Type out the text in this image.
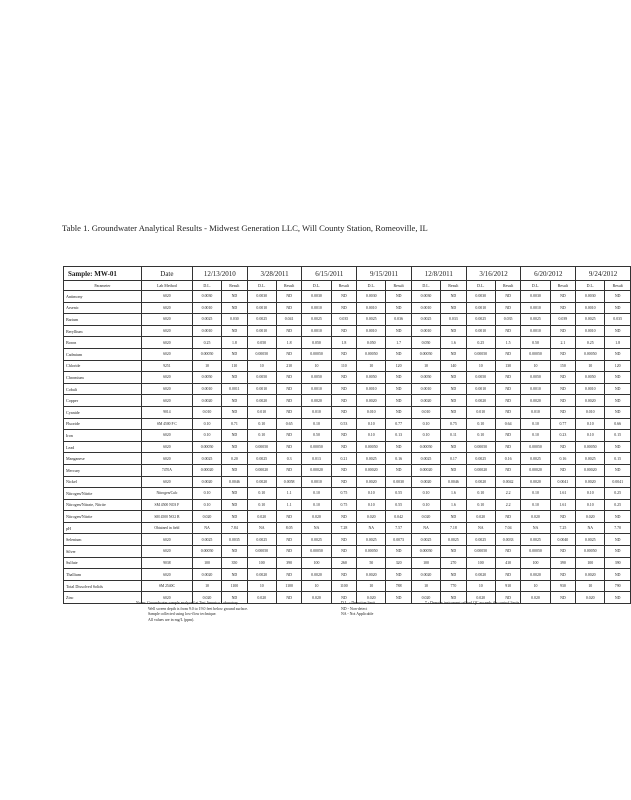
Table 1. Groundwater Analytical Results - Midwest Generation LLC, Will County Station, Romeoville, IL
Sample: MW-01	Date	12/13/2010		3/28/2011		6/15/2011		9/15/2011		12/8/2011		3/16/2012		6/20/2012		9/24/2012	
Parameter	Lab Method	D.L.	Result	D.L.	Result	D.L.	Result	D.L.	Result	D.L.	Result	D.L.	Result	D.L.	Result	D.L.	Result
Antimony	6020	0.0030	ND	0.0030	ND	0.0030	ND	0.0030	ND	0.0030	ND	0.0030	ND	0.0030	ND	0.0030	ND
Arsenic	6020	0.0010	ND	0.0010	ND	0.0010	ND	0.0010	ND	0.0010	ND	0.0010	ND	0.0010	ND	0.0010	ND
Barium	6020	0.0025	0.030	0.0025	0.041	0.0025	0.035	0.0025	0.036	0.0025	0.033	0.0025	0.035	0.0025	0.039	0.0025	0.035
Beryllium	6020	0.0010	ND	0.0010	ND	0.0010	ND	0.0010	ND	0.0010	ND	0.0010	ND	0.0010	ND	0.0010	ND
Boron	6020	0.25	1.8	0.050	1.8	0.050	1.8	0.050	1.7	0.050	1.6	0.25	1.5	0.50	2.1	0.25	1.8
Cadmium	6020	0.00050	ND	0.00050	ND	0.00050	ND	0.00050	ND	0.00050	ND	0.00050	ND	0.00050	ND	0.00050	ND
Chloride	9251	10	110	10	210	10	110	10	120	10	140	10	130	10	150	10	120
Chromium	6020	0.0050	ND	0.0050	ND	0.0050	ND	0.0050	ND	0.0050	ND	0.0050	ND	0.0050	ND	0.0050	ND
Cobalt	6020	0.0010	0.0011	0.0010	ND	0.0010	ND	0.0010	ND	0.0010	ND	0.0010	ND	0.0010	ND	0.0010	ND
Copper	6020	0.0020	ND	0.0020	ND	0.0020	ND	0.0020	ND	0.0020	ND	0.0020	ND	0.0020	ND	0.0020	ND
Cyanide	9014	0.010	ND	0.010	ND	0.010	ND	0.010	ND	0.010	ND	0.010	ND	0.010	ND	0.010	ND
Fluoride	SM 4500 F C	0.10	0.71	0.10	0.65	0.10	0.53	0.10	0.77	0.10	0.75	0.10	0.64	0.10	0.77	0.10	0.66
Iron	6020	0.10	ND	0.10	ND	0.50	ND	0.10	0.13	0.10	0.11	0.10	ND	0.10	0.23	0.10	0.15
Lead	6020	0.00050	ND	0.00050	ND	0.00050	ND	0.00050	ND	0.00050	ND	0.00050	ND	0.00050	ND	0.00050	ND
Manganese	6020	0.0025	0.20	0.0025	0.3	0.013	0.21	0.0025	0.16	0.0025	0.17	0.0025	0.16	0.0025	0.16	0.0025	0.15
Mercury	7470A	0.00020	ND	0.00020	ND	0.00020	ND	0.00020	ND	0.00020	ND	0.00020	ND	0.00020	ND	0.00020	ND
Nickel	6020	0.0020	0.0046	0.0020	0.0058	0.0010	ND	0.0020	0.0030	0.0020	0.0046	0.0020	0.0042	0.0020	0.0041	0.0020	0.0041
Nitrogen/Nitrite	Nitrogen/Calc	0.10	ND	0.10	1.1	0.10	0.75	0.10	0.55	0.10	1.6	0.10	2.2	0.10	1.61	0.10	0.25
Nitrogen/Nitrate, Nitrite	SM 4500 NO3 F	0.10	ND	0.10	1.1	0.10	0.75	0.10	0.55	0.10	1.6	0.10	2.2	0.10	1.61	0.10	0.25
Nitrogen/Nitrite	SM 4500 NO2 B	0.020	ND	0.020	ND	0.020	ND	0.020	0.042	0.020	ND	0.020	ND	0.020	ND	0.020	ND
pH	Obtained in field	NA	7.84	NA	8.05	NA	7.28	NA	7.57	NA	7.18	NA	7.04	NA	7.25	NA	7.70
Selenium	6020	0.0025	0.0035	0.0025	ND	0.0025	ND	0.0025	0.0073	0.0025	0.0025	0.0025	0.0033	0.0025	0.0040	0.0025	ND
Silver	6020	0.00050	ND	0.00050	ND	0.00050	ND	0.00050	ND	0.00050	ND	0.00050	ND	0.00050	ND	0.00050	ND
Sulfate	9038	100	350	100	390	100	260	50	320	100	270	100	410	100	390	100	390
Thallium	6020	0.0020	ND	0.0020	ND	0.0020	ND	0.0020	ND	0.0020	ND	0.0020	ND	0.0020	ND	0.0020	ND
Total Dissolved Solids	SM 2540C	10	1100	10	1100	10	1100	10	788	10	770	10	910	10	930	10	790
Zinc	6020	0.020	ND	0.020	ND	0.020	ND	0.020	ND	0.020	ND	0.020	ND	0.020	ND	0.020	ND
Notes: Groundwater sample analyzed at Test America Laboratory.
Well screen depth is from 9.0 to 19.0 feet below ground surface.
Sample collected using low-flow technique.
All values are in mg/L (ppm).
D.L. - Detection limit
ND - Non-detect
NA - Not Applicable
* - Denotes instrument related QC exceeds the control limits.
